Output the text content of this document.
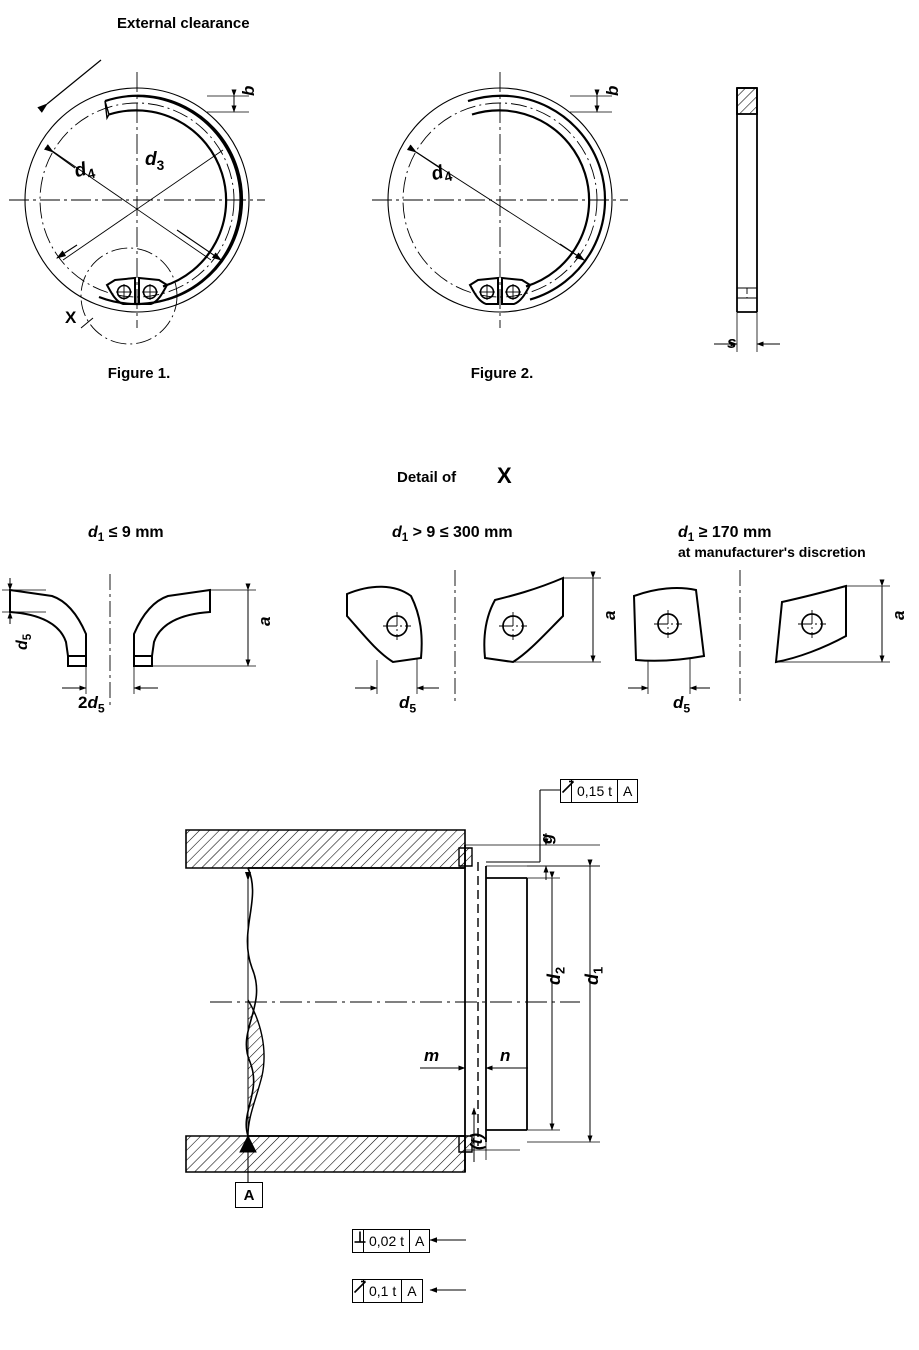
External clearance
b
$d_4$
$d_3$
X
b
$d_4$
s
Figure 1.	Figure 2.
Detail of X
$d_1 \le 9$ mm	$d_1 > 9 \le 300$ mm	$d_1 \ge 170$ mm
at manufacturer's discretion
$d_5$
$2d_5$
a
$d_5$
a
$d_5$
a
0,15 t A
0,02 t A
0,1 t A
A
g
$d_2$
$d_1$
m	n
(t)
